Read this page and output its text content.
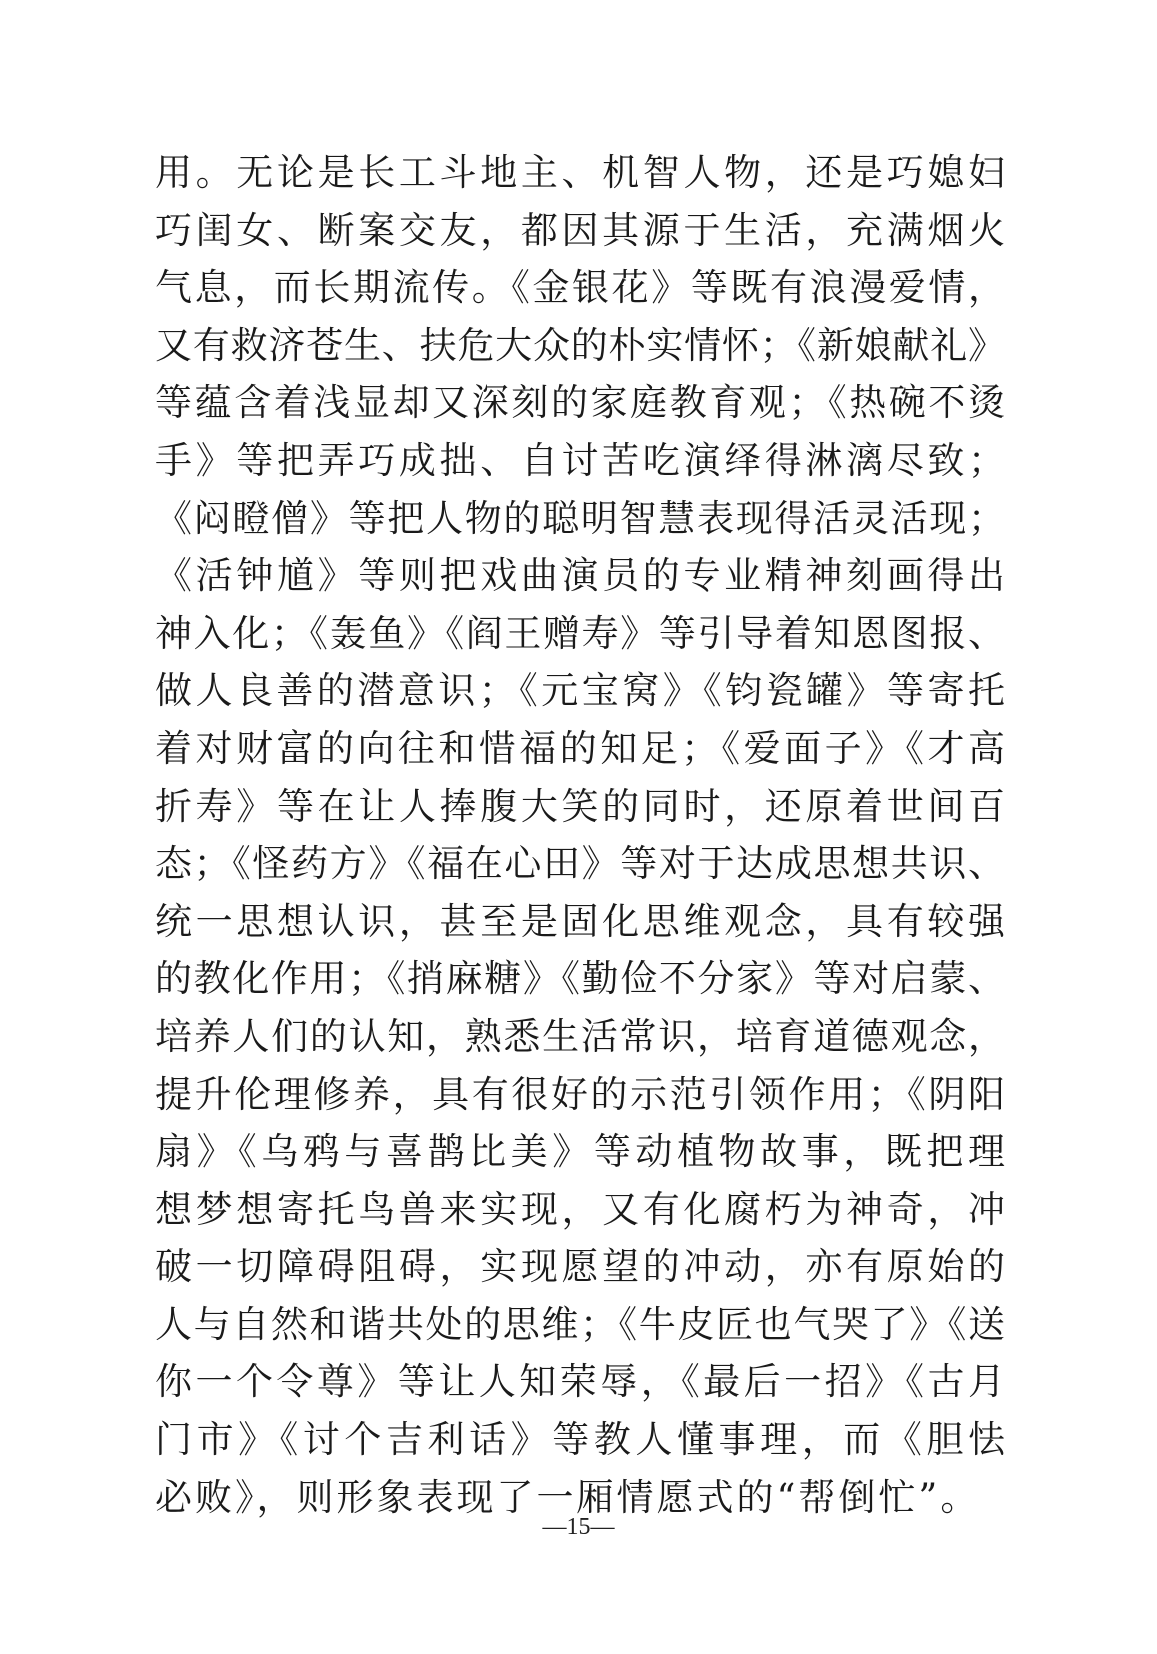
用。无论是长工斗地主、机智人物，还是巧媳妇
巧闺女、断案交友，都因其源于生活，充满烟火
气息，而长期流传。《金银花》等既有浪漫爱情，
又有救济苍生、扶危大众的朴实情怀；《新娘献礼》
等蕴含着浅显却又深刻的家庭教育观；《热碗不烫
手》等把弄巧成拙、自讨苦吃演绎得淋漓尽致；
《闷瞪僧》等把人物的聪明智慧表现得活灵活现；
《活钟馗》等则把戏曲演员的专业精神刻画得出
神入化；《轰鱼》《阎王赠寿》等引导着知恩图报、
做人良善的潜意识；《元宝窝》《钧瓷罐》等寄托
着对财富的向往和惜福的知足；《爱面子》《才高
折寿》等在让人捧腹大笑的同时，还原着世间百
态；《怪药方》《福在心田》等对于达成思想共识、
统一思想认识，甚至是固化思维观念，具有较强
的教化作用；《捎麻糖》《勤俭不分家》等对启蒙、
培养人们的认知，熟悉生活常识，培育道德观念，
提升伦理修养，具有很好的示范引领作用；《阴阳
扇》《乌鸦与喜鹊比美》等动植物故事，既把理
想梦想寄托鸟兽来实现，又有化腐朽为神奇，冲
破一切障碍阻碍，实现愿望的冲动，亦有原始的
人与自然和谐共处的思维；《牛皮匠也气哭了》《送
你一个令尊》等让人知荣辱，《最后一招》《古月
门市》《讨个吉利话》等教人懂事理，而《胆怯
必败》，则形象表现了一厢情愿式的“帮倒忙”。
—15—
